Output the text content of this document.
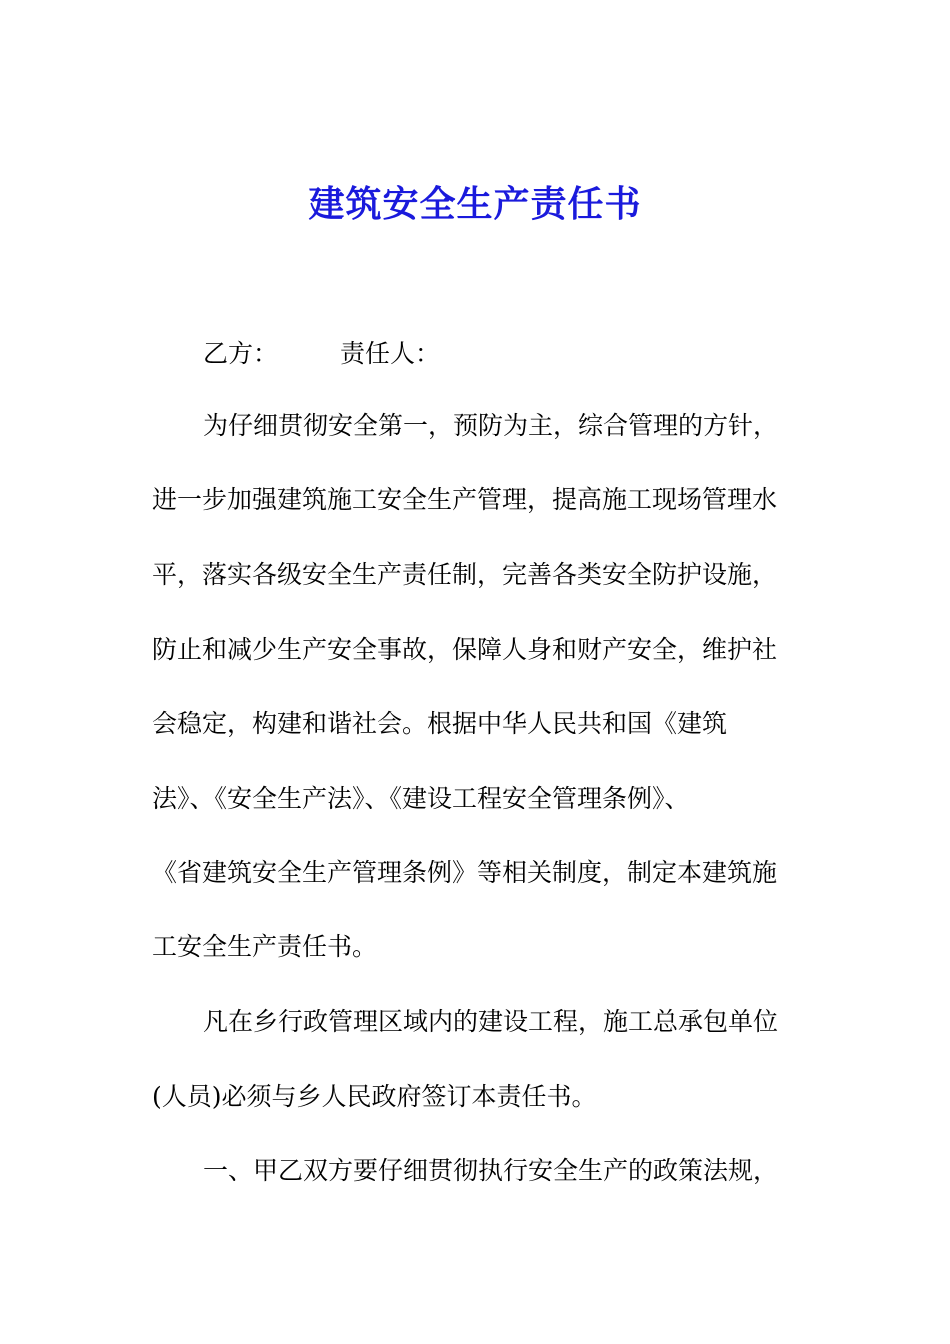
建筑安全生产责任书
乙方： 责任人：
为仔细贯彻安全第一，预防为主，综合管理的方针，
进一步加强建筑施工安全生产管理，提高施工现场管理水
平，落实各级安全生产责任制，完善各类安全防护设施，
防止和减少生产安全事故，保障人身和财产安全，维护社
会稳定，构建和谐社会。根据中华人民共和国《建筑
法》、《安全生产法》、《建设工程安全管理条例》、
《省建筑安全生产管理条例》等相关制度，制定本建筑施
工安全生产责任书。
凡在乡行政管理区域内的建设工程，施工总承包单位
(人员)必须与乡人民政府签订本责任书。
一、甲乙双方要仔细贯彻执行安全生产的政策法规，
